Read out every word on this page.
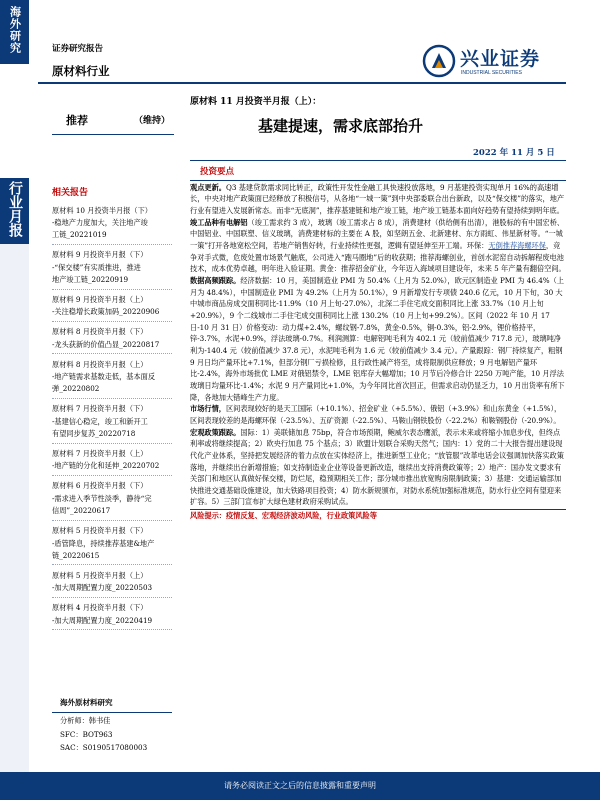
海外研究
行业月报
证券研究报告
原材料行业
兴业证券
INDUSTRIAL SECURITIES
推荐	（维持）
原材料 11 月投资半月报（上）：
基建提速，需求底部抬升
2022 年 11 月 5 日
相关报告
原材料 10 月投资半月报（下）
-稳地产力度加大，关注地产竣
工链_20221019
原材料 9 月投资半月报（下）
-“保交楼”有实质推进，推进
地产竣工链_20220919
原材料 9 月投资半月报（上）
-关注稳增长政策加码_20220906
原材料 8 月投资半月报（下）
-龙头获新的价值凸显_20220817
原材料 8 月投资半月报（上）
-地产链需求基数走低，基本面反
弹_20220802
原材料 7 月投资半月报（下）
-基建信心稳定，竣工和新开工
有望同步复苏_20220718
原材料 7 月投资半月报（上）
-地产链的分化和延伸_20220702
原材料 6 月投资半月报（下）
-需求进入季节性淡季，静待“完
信周”_20220617
原材料 5 月投资半月报（下）
-盾管降息，持续推荐基建&地产
链_20220615
原材料 5 月投资半月报（上）
-加大周期配置力度_20220503
原材料 4 月投资半月报（下）
-加大周期配置力度_20220419
海外原材料研究
分析师：韩书佳
SFC：BOT963
SAC：S0190517080003
投资要点

观点更新。Q3 基建贷款需求同比转正，政策性开发性金融工具快速投放落地，9 月基建投资实现单月 16%的高速增长，中央对地产政策面已经释放了积极信号，从各地“一城一策”到中央部委联合出台新政，以及“保交楼”的落实，地产行业有望进入发展新常态。而非“无底洞”，推荐基建链和地产竣工链，地产竣工链基本面向好趋势有望持续到明年底。竣工品种有电解铝（竣工需求约 3 成），玻璃（竣工需求占 8 成），消费建材（供给侧有出清），港股标的有中国宏桥、中国铝业、中国联塑、信义玻璃，消费建材标的主要在 A 股，如坚朗五金、北新建材、东方雨虹、伟星新材等。“一城一策”打开各地宽松空间，若地产销售好转，行业持续性更强，逻辑有望延伸至开工端。环保：无倒推荐海螺环保，竞争对手式微，危废处置市场景气触底，公司进入“跑马圈地”后的收获期；推荐海螺创业，首创水泥窑自动拆解程废电池技术，成本优势卓越，明年进入验证期。黄金：推荐招金矿业，今年迈入海域项目建设年，未来 5 年产量有翻倍空间。

数据高频跟踪。经济数据：10 月，美国制造业 PMI 为 50.4%（上月为 52.0%），欧元区制造业 PMI 为 46.4%（上月为 48.4%），中国制造业 PMI 为 49.2%（上月为 50.1%），9 月新增发行专项债 240.6 亿元，10 月下旬，30 大中城市商品房成交面积同比-11.9%（10 月上旬-27.0%），北深二手住宅成交面积同比上涨 33.7%（10 月上旬+20.9%），9 个二线城市二手住宅成交面积同比上涨 130.2%（10 月上旬+99.2%）。区间（2022 年 10 月 17 日-10 月 31 日）价格变动：动力煤+2.4%，螺纹钢-7.8%，黄金-0.5%，铜-0.3%，铝-2.9%，锂价格持平，锌-3.7%，水泥+0.9%，浮法玻璃-0.7%。利润测算：电解铝吨毛利为 402.1 元（较前值减少 717.8 元），玻璃吨净利为-140.4 元（较前值减少 37.8 元），水泥吨毛利为 1.6 元（较前值减少 3.4 元）。产量跟踪：钢厂持续复产，粗钢 9 月日均产量环比+7.1%，但部分钢厂亏损检修，且行政性减产将至，成将限制供应释放；9 月电解铝产量环比-2.4%，海外市场批优 LME 对俄铝禁令，LME 铝库存大幅增加；10 月节后冷修合计 2250 万吨产能，10 月浮法玻璃日均量环比-1.4%；水泥 9 月产量同比+1.0%，为今年同比首次回正，但需求启动仍显乏力，10 月出货率有所下降，各地加大错峰生产力度。

市场行情，区间表现较好的是天工国际（+10.1%）、招金矿业（+5.5%）、俄铝（+3.9%）和山东黄金（+1.5%），区间表现较差的是海螺环保（-23.5%）、五矿资源（-22.5%）、马鞍山钢铁股份（-22.2%）和鞍钢股份（-20.9%）。

宏观政策跟踪。国际：1）美联储加息 75bp，符合市场预期，鲍威尔表态鹰派，表示未来或将缩小加息步伐，但终点利率或将继续提高；2）欧央行加息 75 个基点；3）欧盟计划联合采购天然气；国内：1）党的二十大报告提出建设现代化产业体系，坚持把发展经济的着力点放在实体经济上，推进新型工业化；“放管服”改革电话会议强调加快落实政策落地，并继续出台新增措施；如支持制造业企业等设备更新改造，继续出支持消费政策等；2）地产：国办发文要求有关部门和地区认真做好保交楼，防烂尾，稳预期相关工作；部分城市推出放宽购房限制政策；3）基建：交通运输部加快推进交通基础设施建设，加大铁路项目投资；4）防水新规颁布，对防水系统加强标准规范，防水行业空间有望迎来扩容。5）三部门宣布扩大绿色建材政府采购试点。

风险提示：疫情反复、宏观经济波动风险，行业政策风险等
请务必阅读正文之后的信息披露和重要声明
